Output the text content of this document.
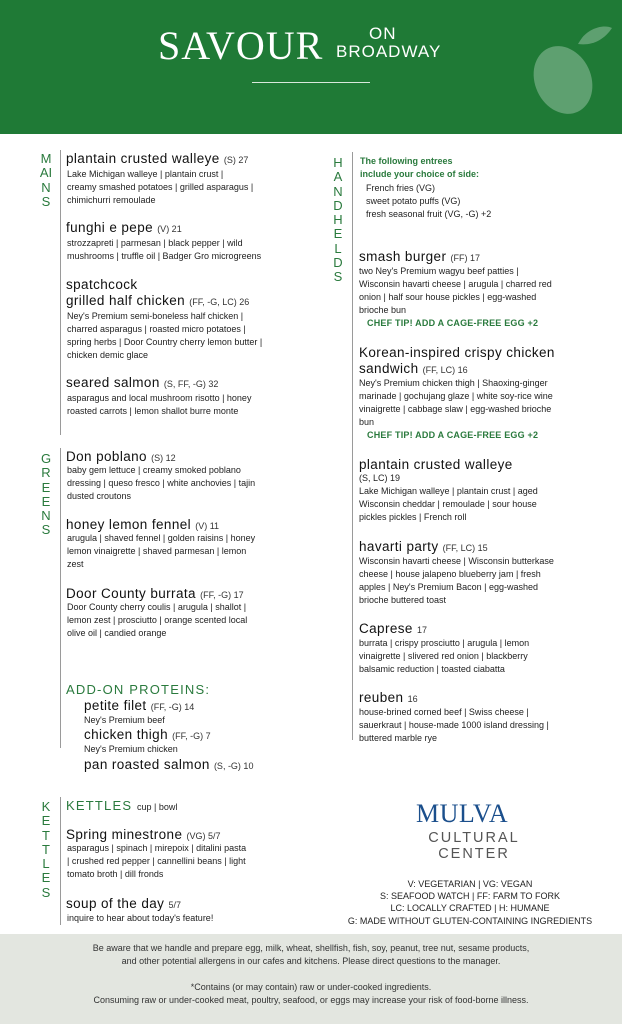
SAVOUR	ON
BROADWAY
MAINS
plantain crusted walleye (S) 27
Lake Michigan walleye | plantain crust |
creamy smashed potatoes | grilled asparagus |
chimichurri remoulade
funghi e pepe (V) 21
strozzapreti | parmesan | black pepper | wild
mushrooms | truffle oil | Badger Gro microgreens
spatchcock
grilled half chicken (FF, -G, LC) 26
Ney's Premium semi-boneless half chicken |
charred asparagus | roasted micro potatoes |
spring herbs | Door Country cherry lemon butter |
chicken demic glace
seared salmon (S, FF, -G) 32
asparagus and local mushroom risotto | honey
roasted carrots | lemon shallot burre monte
GREENS
Don poblano (S) 12
baby gem lettuce | creamy smoked poblano
dressing | queso fresco | white anchovies | tajin
dusted croutons
honey lemon fennel (V) 11
arugula | shaved fennel | golden raisins | honey
lemon vinaigrette | shaved parmesan | lemon
zest
Door County burrata (FF, -G) 17
Door County cherry coulis | arugula | shallot |
lemon zest | prosciutto | orange scented local
olive oil | candied orange
ADD-ON PROTEINS:
petite filet (FF, -G) 14
Ney's Premium beef
chicken thigh (FF, -G) 7
Ney's Premium chicken
pan roasted salmon (S, -G) 10
KETTLES
KETTLES cup | bowl
Spring minestrone (VG) 5/7
asparagus | spinach | mirepoix | ditalini pasta
| crushed red pepper | cannellini beans | light
tomato broth | dill fronds
soup of the day 5/7
inquire to hear about today's feature!
HANDHELDS
The following entrees
include your choice of side:
French fries (VG)
sweet potato puffs (VG)
fresh seasonal fruit (VG, -G) +2
smash burger (FF) 17
two Ney's Premium wagyu beef patties |
Wisconsin havarti cheese | arugula | charred red
onion | half sour house pickles | egg-washed
brioche bun
CHEF TIP! ADD A CAGE-FREE EGG +2
Korean-inspired crispy chicken
sandwich (FF, LC) 16
Ney's Premium chicken thigh | Shaoxing-ginger
marinade | gochujang glaze | white soy-rice wine
vinaigrette | cabbage slaw | egg-washed brioche
bun
CHEF TIP! ADD A CAGE-FREE EGG +2
plantain crusted walleye
(S, LC) 19
Lake Michigan walleye | plantain crust | aged
Wisconsin cheddar | remoulade | sour house
pickles pickles | French roll
havarti party (FF, LC) 15
Wisconsin havarti cheese | Wisconsin butterkase
cheese | house jalapeno blueberry jam | fresh
apples | Ney's Premium Bacon | egg-washed
brioche buttered toast
Caprese 17
burrata | crispy prosciutto | arugula | lemon
vinaigrette | slivered red onion | blackberry
balsamic reduction | toasted ciabatta
reuben 16
house-brined corned beef | Swiss cheese |
sauerkraut | house-made 1000 island dressing |
buttered marble rye
MULVA
CULTURAL
CENTER
V: VEGETARIAN | VG: VEGAN
S: SEAFOOD WATCH | FF: FARM TO FORK
LC: LOCALLY CRAFTED | H: HUMANE
G: MADE WITHOUT GLUTEN-CONTAINING INGREDIENTS

Be aware that we handle and prepare egg, milk, wheat, shellfish, fish, soy, peanut, tree nut, sesame products,

and other potential allergens in our cafes and kitchens. Please direct questions to the manager.

*Contains (or may contain) raw or under-cooked ingredients.

Consuming raw or under-cooked meat, poultry, seafood, or eggs may increase your risk of food-borne illness.
